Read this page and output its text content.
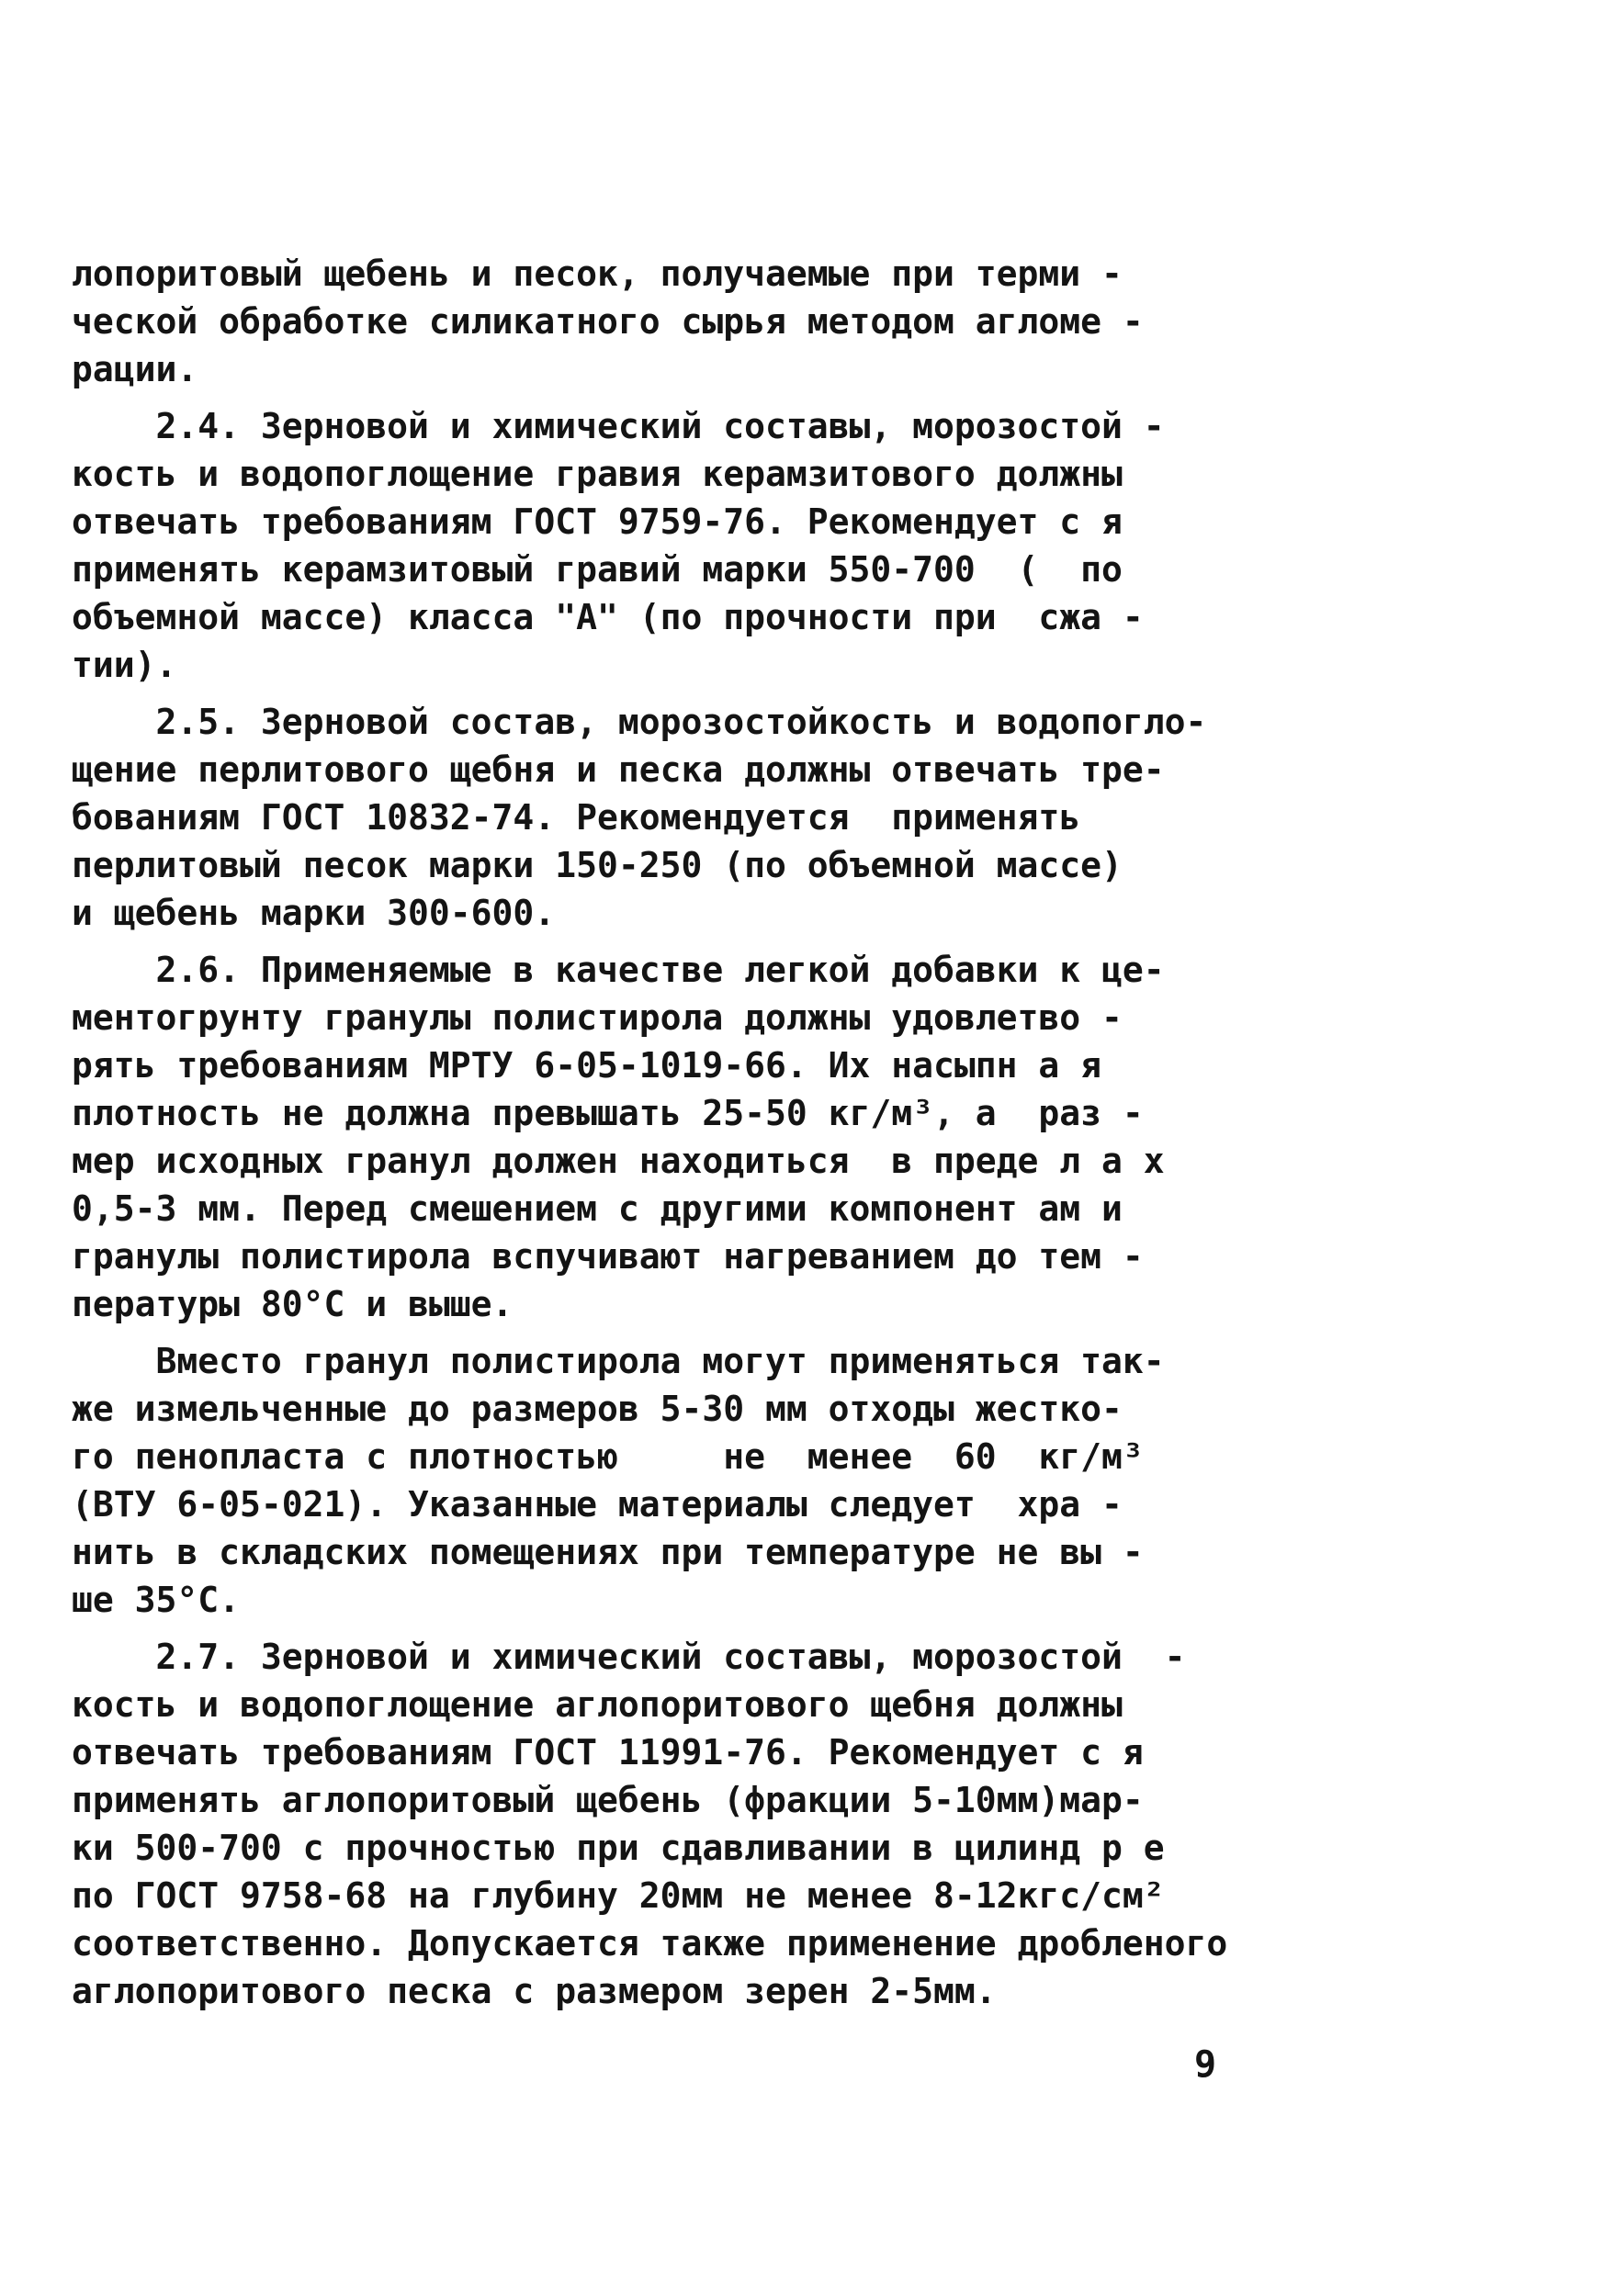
лопоритовый щебень и песок, получаемые при терми -
ческой обработке силикатного сырья методом агломе -
рации.
2.4. Зерновой и химический составы, морозостой -
кость и водопоглощение гравия керамзитового должны
отвечать требованиям ГОСТ 9759-76. Рекомендует с я
применять керамзитовый гравий марки 550-700  (  по
объемной массе) класса "А" (по прочности при  сжа -
тии).
2.5. Зерновой состав, морозостойкость и водопогло-
щение перлитового щебня и песка должны отвечать тре-
бованиям ГОСТ 10832-74. Рекомендуется  применять
перлитовый песок марки 150-250 (по объемной массе)
и щебень марки 300-600.
2.6. Применяемые в качестве легкой добавки к це-
ментогрунту гранулы полистирола должны удовлетво -
рять требованиям МРТУ 6-05-1019-66. Их насыпн а я
плотность не должна превышать 25-50 кг/м³, а  раз -
мер исходных гранул должен находиться  в преде л а х
0,5-3 мм. Перед смешением с другими компонент ам и
гранулы полистирола вспучивают нагреванием до тем -
пературы 80°С и выше.
Вместо гранул полистирола могут применяться так-
же измельченные до размеров 5-30 мм отходы жестко-
го пенопласта с плотностью     не  менее  60  кг/м³
(ВТУ 6-05-021). Указанные материалы следует  хра -
нить в складских помещениях при температуре не вы -
ше 35°С.
2.7. Зерновой и химический составы, морозостой  -
кость и водопоглощение аглопоритового щебня должны
отвечать требованиям ГОСТ 11991-76. Рекомендует с я
применять аглопоритовый щебень (фракции 5-10мм)мар-
ки 500-700 с прочностью при сдавливании в цилинд р е
по ГОСТ 9758-68 на глубину 20мм не менее 8-12кгс/см²
соответственно. Допускается также применение дробленого
аглопоритового песка с размером зерен 2-5мм.
9
